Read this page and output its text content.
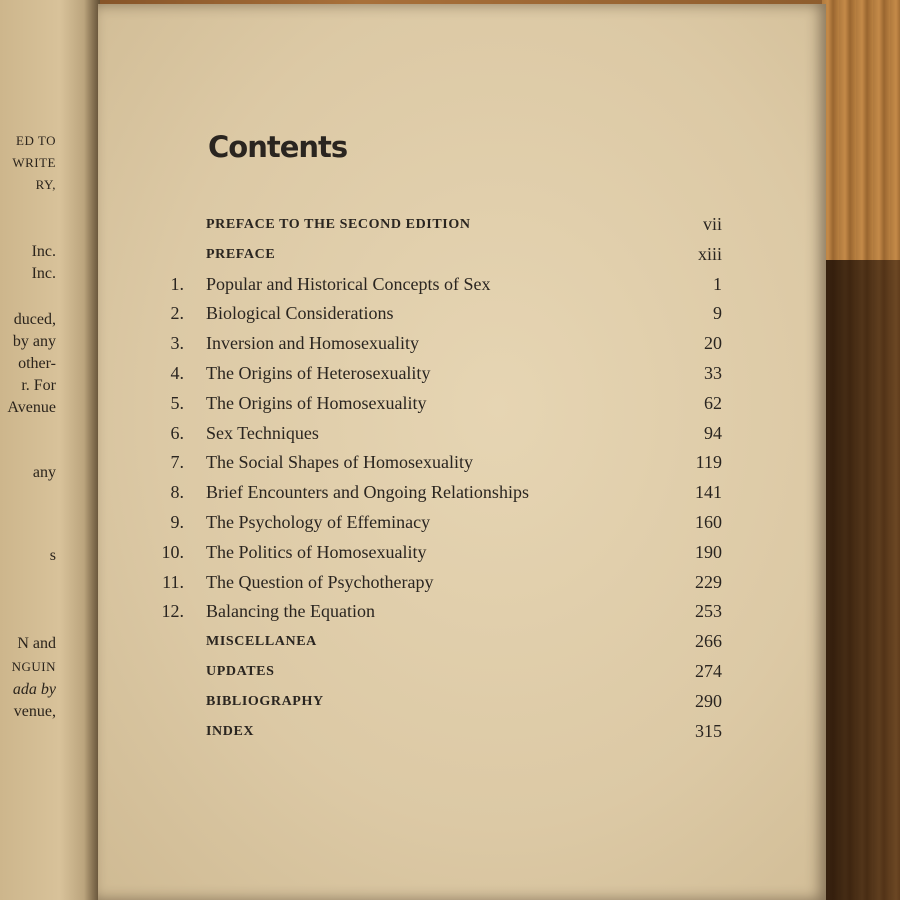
ED TO
WRITE
RY,
Inc.
Inc.
duced,
by any
other-
r. For
Avenue
any
s
N and
NGUIN
ada by
venue,
Contents
PREFACE TO THE SECOND EDITION	vii
PREFACE	xiii
1. Popular and Historical Concepts of Sex	1
2. Biological Considerations	9
3. Inversion and Homosexuality	20
4. The Origins of Heterosexuality	33
5. The Origins of Homosexuality	62
6. Sex Techniques	94
7. The Social Shapes of Homosexuality	119
8. Brief Encounters and Ongoing Relationships	141
9. The Psychology of Effeminacy	160
10. The Politics of Homosexuality	190
11. The Question of Psychotherapy	229
12. Balancing the Equation	253
MISCELLANEA	266
UPDATES	274
BIBLIOGRAPHY	290
INDEX	315
